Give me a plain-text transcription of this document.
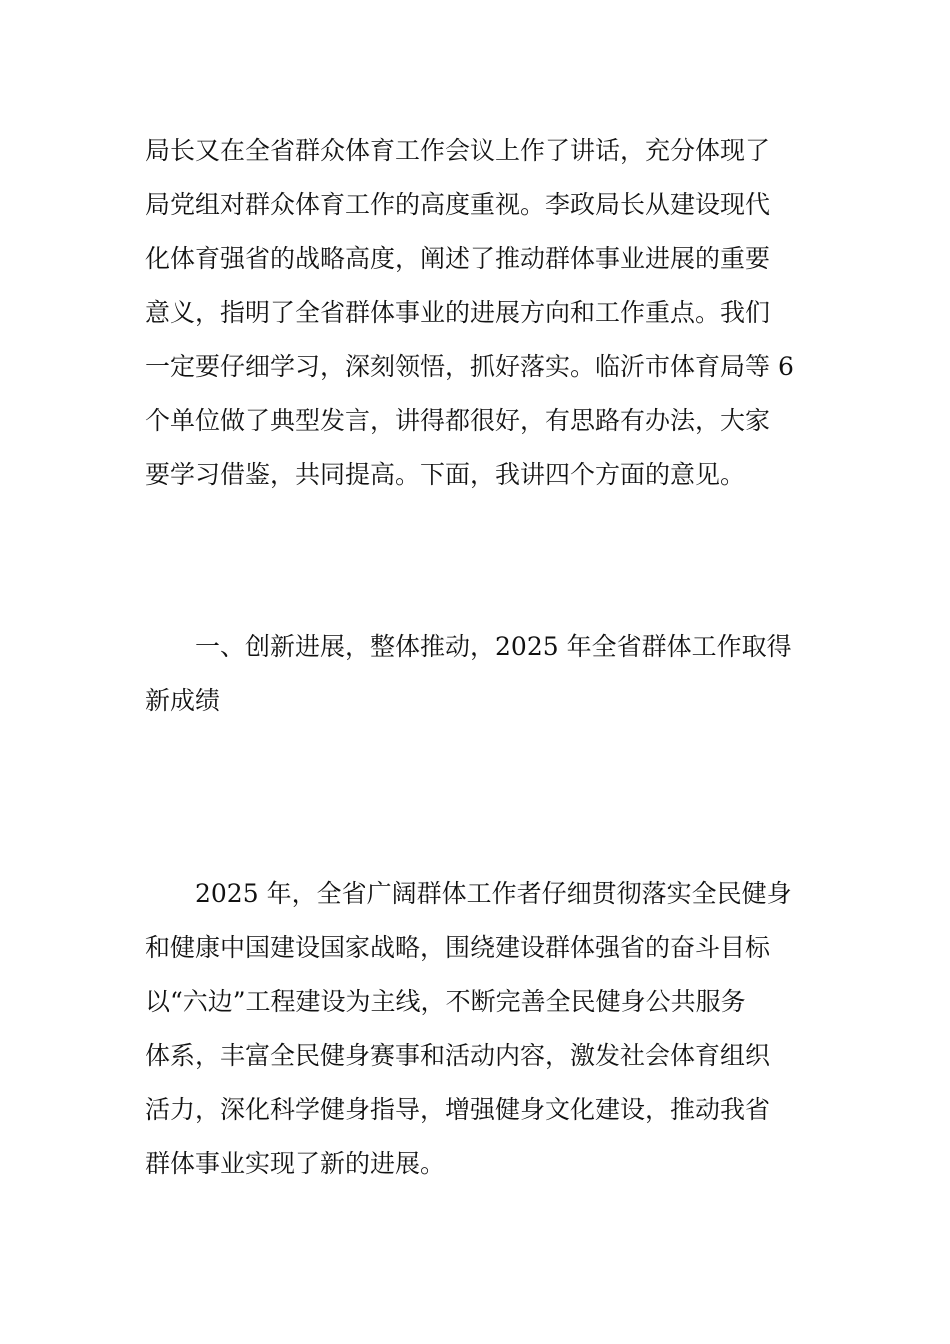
局长又在全省群众体育工作会议上作了讲话，充分体现了
局党组对群众体育工作的高度重视。李政局长从建设现代
化体育强省的战略高度，阐述了推动群体事业进展的重要
意义，指明了全省群体事业的进展方向和工作重点。我们
一定要仔细学习，深刻领悟，抓好落实。临沂市体育局等 6
个单位做了典型发言，讲得都很好，有思路有办法，大家
要学习借鉴，共同提高。下面，我讲四个方面的意见。
一、创新进展，整体推动，2025 年全省群体工作取得
新成绩
2025 年，全省广阔群体工作者仔细贯彻落实全民健身
和健康中国建设国家战略，围绕建设群体强省的奋斗目标
以“六边”工程建设为主线，不断完善全民健身公共服务
体系，丰富全民健身赛事和活动内容，激发社会体育组织
活力，深化科学健身指导，增强健身文化建设，推动我省
群体事业实现了新的进展。
